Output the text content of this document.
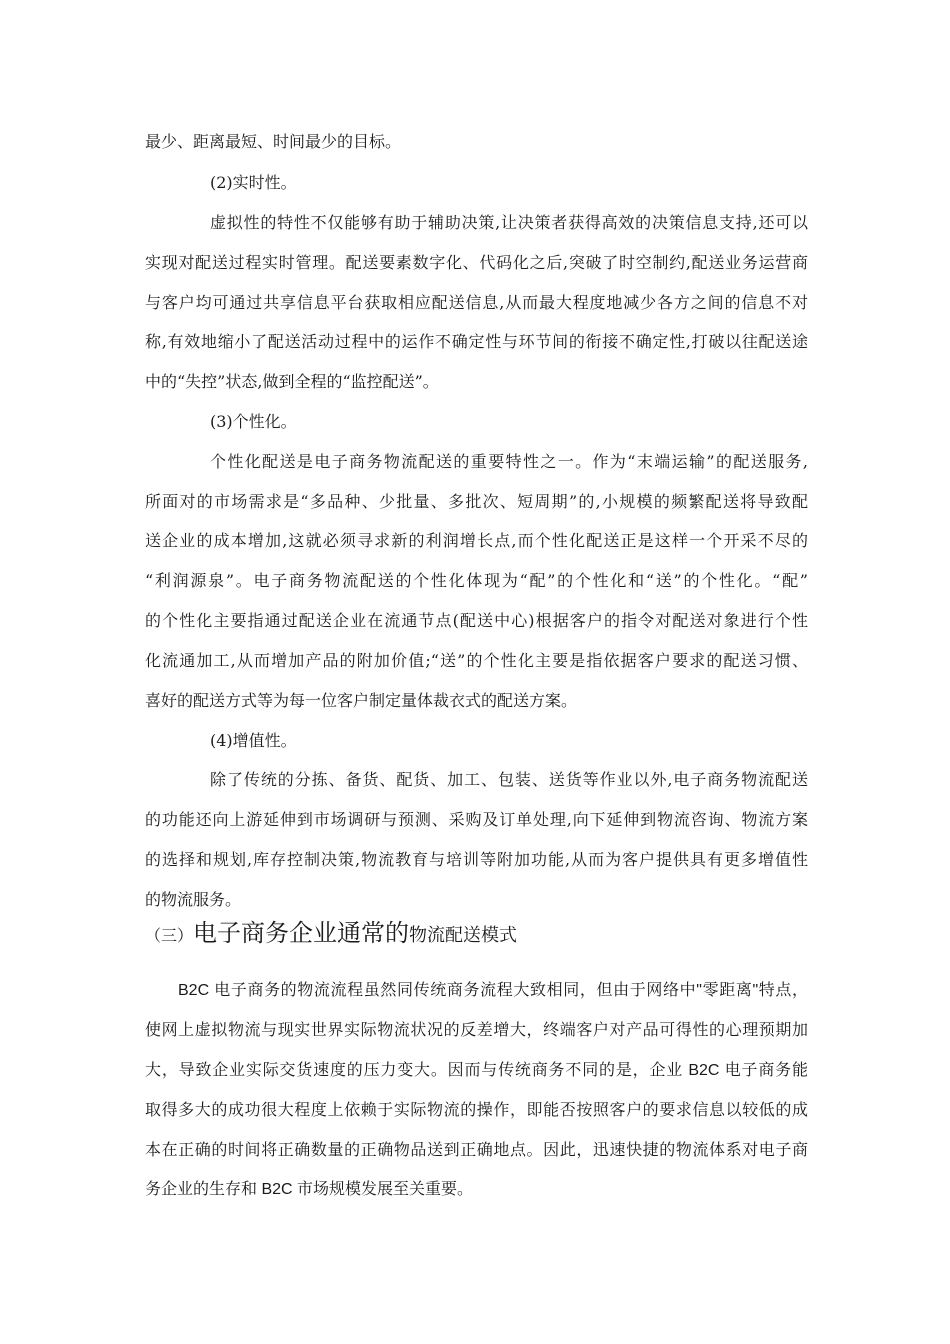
最少、距离最短、时间最少的目标。
(2)实时性。
虚拟性的特性不仅能够有助于辅助决策,让决策者获得高效的决策信息支持,还可以
实现对配送过程实时管理。配送要素数字化、代码化之后,突破了时空制约,配送业务运营商
与客户均可通过共享信息平台获取相应配送信息,从而最大程度地减少各方之间的信息不对
称,有效地缩小了配送活动过程中的运作不确定性与环节间的衔接不确定性,打破以往配送途
中的“失控”状态,做到全程的“监控配送”。
(3)个性化。
个性化配送是电子商务物流配送的重要特性之一。作为“末端运输”的配送服务,
所面对的市场需求是“多品种、少批量、多批次、短周期”的,小规模的频繁配送将导致配
送企业的成本增加,这就必须寻求新的利润增长点,而个性化配送正是这样一个开采不尽的
“利润源泉”。电子商务物流配送的个性化体现为“配”的个性化和“送”的个性化。“配”
的个性化主要指通过配送企业在流通节点(配送中心)根据客户的指令对配送对象进行个性
化流通加工,从而增加产品的附加价值;“送”的个性化主要是指依据客户要求的配送习惯、
喜好的配送方式等为每一位客户制定量体裁衣式的配送方案。
(4)增值性。
除了传统的分拣、备货、配货、加工、包装、送货等作业以外,电子商务物流配送
的功能还向上游延伸到市场调研与预测、采购及订单处理,向下延伸到物流咨询、物流方案
的选择和规划,库存控制决策,物流教育与培训等附加功能,从而为客户提供具有更多增值性
的物流服务。
（三）电子商务企业通常的物流配送模式
B2C 电子商务的物流流程虽然同传统商务流程大致相同，但由于网络中"零距离"特点，
使网上虚拟物流与现实世界实际物流状况的反差增大，终端客户对产品可得性的心理预期加
大，导致企业实际交货速度的压力变大。因而与传统商务不同的是，企业 B2C 电子商务能
取得多大的成功很大程度上依赖于实际物流的操作，即能否按照客户的要求信息以较低的成
本在正确的时间将正确数量的正确物品送到正确地点。因此，迅速快捷的物流体系对电子商
务企业的生存和 B2C 市场规模发展至关重要。
